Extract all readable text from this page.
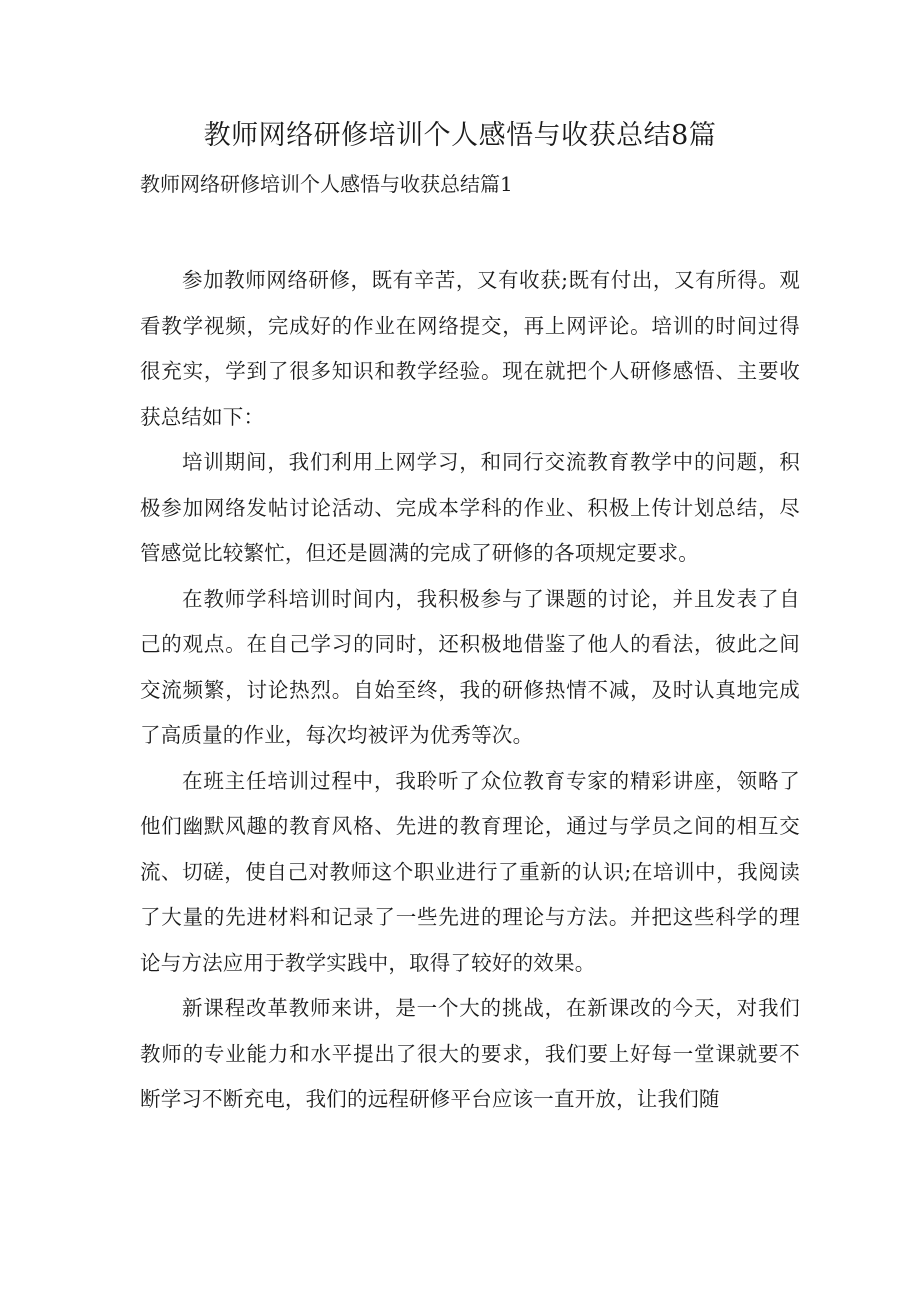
教师网络研修培训个人感悟与收获总结8篇
教师网络研修培训个人感悟与收获总结篇1

参加教师网络研修，既有辛苦，又有收获;既有付出，又有所得。观看教学视频，完成好的作业在网络提交，再上网评论。培训的时间过得很充实，学到了很多知识和教学经验。现在就把个人研修感悟、主要收获总结如下：

培训期间，我们利用上网学习，和同行交流教育教学中的问题，积极参加网络发帖讨论活动、完成本学科的作业、积极上传计划总结，尽管感觉比较繁忙，但还是圆满的完成了研修的各项规定要求。

在教师学科培训时间内，我积极参与了课题的讨论，并且发表了自己的观点。在自己学习的同时，还积极地借鉴了他人的看法，彼此之间交流频繁，讨论热烈。自始至终，我的研修热情不减，及时认真地完成了高质量的作业，每次均被评为优秀等次。

在班主任培训过程中，我聆听了众位教育专家的精彩讲座，领略了他们幽默风趣的教育风格、先进的教育理论，通过与学员之间的相互交流、切磋，使自己对教师这个职业进行了重新的认识;在培训中，我阅读了大量的先进材料和记录了一些先进的理论与方法。并把这些科学的理论与方法应用于教学实践中，取得了较好的效果。

新课程改革教师来讲，是一个大的挑战，在新课改的今天，对我们教师的专业能力和水平提出了很大的要求，我们要上好每一堂课就要不断学习不断充电，我们的远程研修平台应该一直开放，让我们随
